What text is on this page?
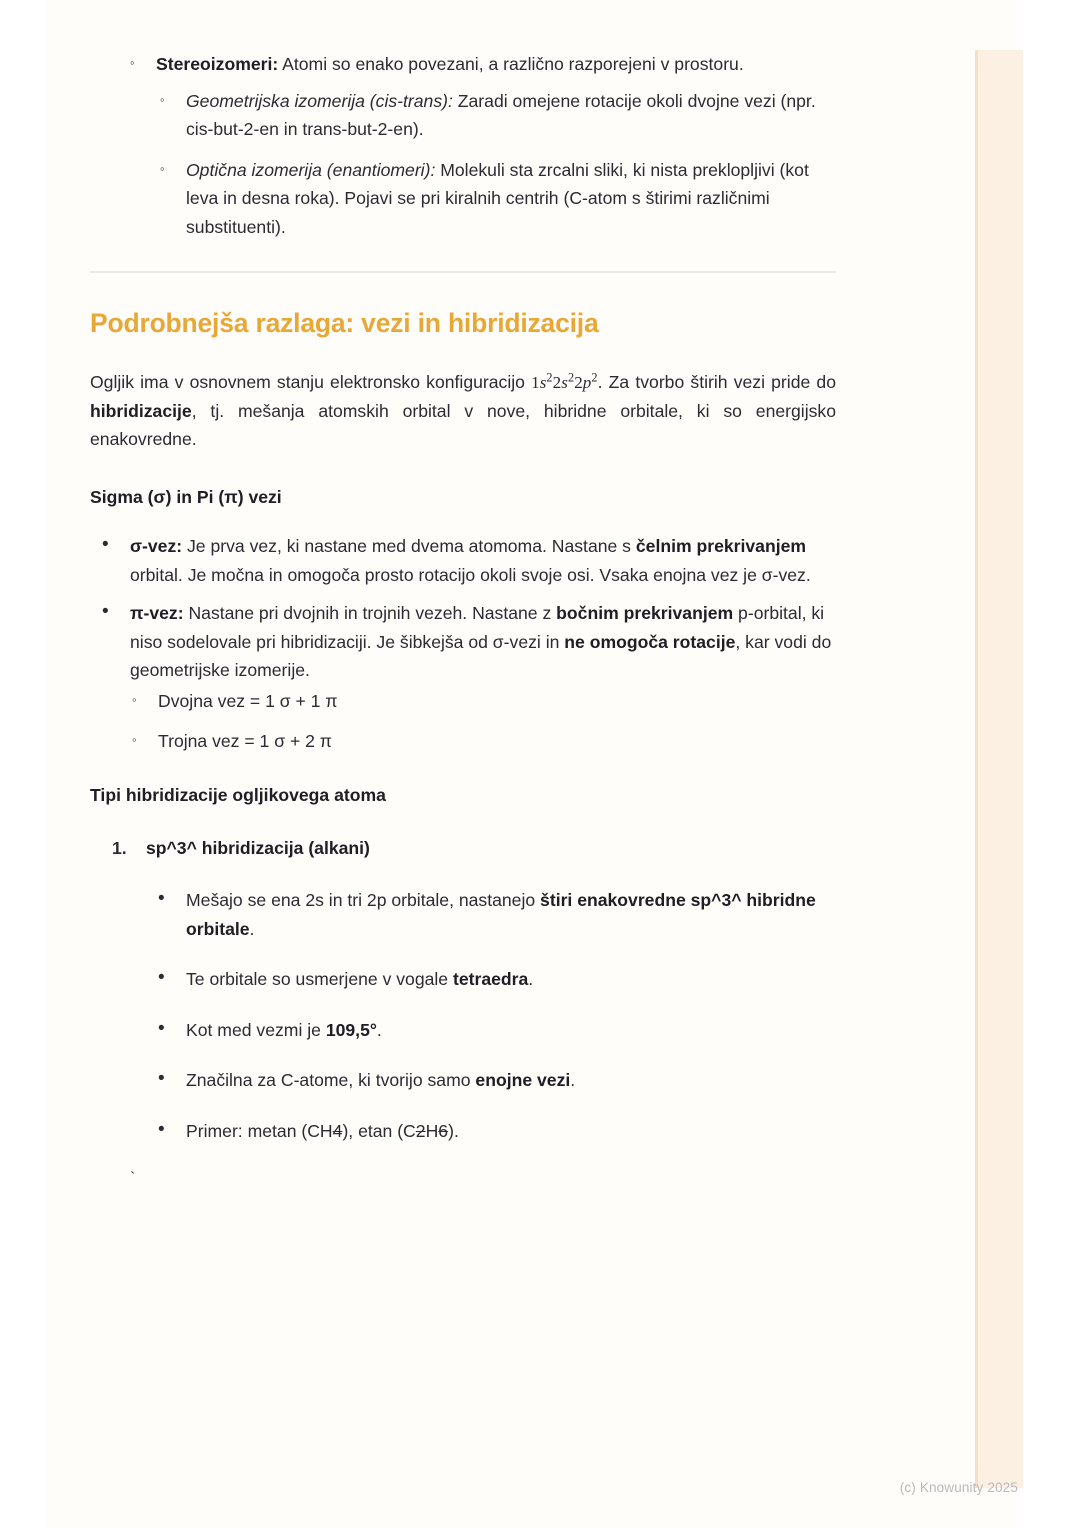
◦	Stereoizomeri: Atomi so enako povezani, a različno razporejeni v prostoru.
◦	Geometrijska izomerija (cis-trans): Zaradi omejene rotacije okoli dvojne vezi (npr. cis-but-2-en in trans-but-2-en).
◦	Optična izomerija (enantiomeri): Molekuli sta zrcalni sliki, ki nista preklopljivi (kot leva in desna roka). Pojavi se pri kiralnih centrih (C-atom s štirimi različnimi substituenti).
Podrobnejša razlaga: vezi in hibridizacija

Ogljik ima v osnovnem stanju elektronsko konfiguracijo $1s^22s^22p^2$. Za tvorbo štirih vezi pride do hibridizacije, tj. mešanja atomskih orbital v nove, hibridne orbitale, ki so energijsko enakovredne.

Sigma (σ) in Pi (π) vezi
•	σ-vez: Je prva vez, ki nastane med dvema atomoma. Nastane s čelnim prekrivanjem orbital. Je močna in omogoča prosto rotacijo okoli svoje osi. Vsaka enojna vez je σ-vez.
•	π-vez: Nastane pri dvojnih in trojnih vezeh. Nastane z bočnim prekrivanjem p-orbital, ki niso sodelovale pri hibridizaciji. Je šibkejša od σ-vezi in ne omogoča rotacije, kar vodi do geometrijske izomerije.
◦	Dvojna vez = 1 σ + 1 π
◦	Trojna vez = 1 σ + 2 π
Tipi hibridizacije ogljikovega atoma
1.	sp^3^ hibridizacija (alkani)
•	Mešajo se ena 2s in tri 2p orbitale, nastanejo štiri enakovredne sp^3^ hibridne orbitale.
•	Te orbitale so usmerjene v vogale tetraedra.
•	Kot med vezmi je 109,5°.
•	Značilna za C-atome, ki tvorijo samo enojne vezi.
•	Primer: metan (CH4), etan (C2H6).
`
(c) Knowunity 2025
